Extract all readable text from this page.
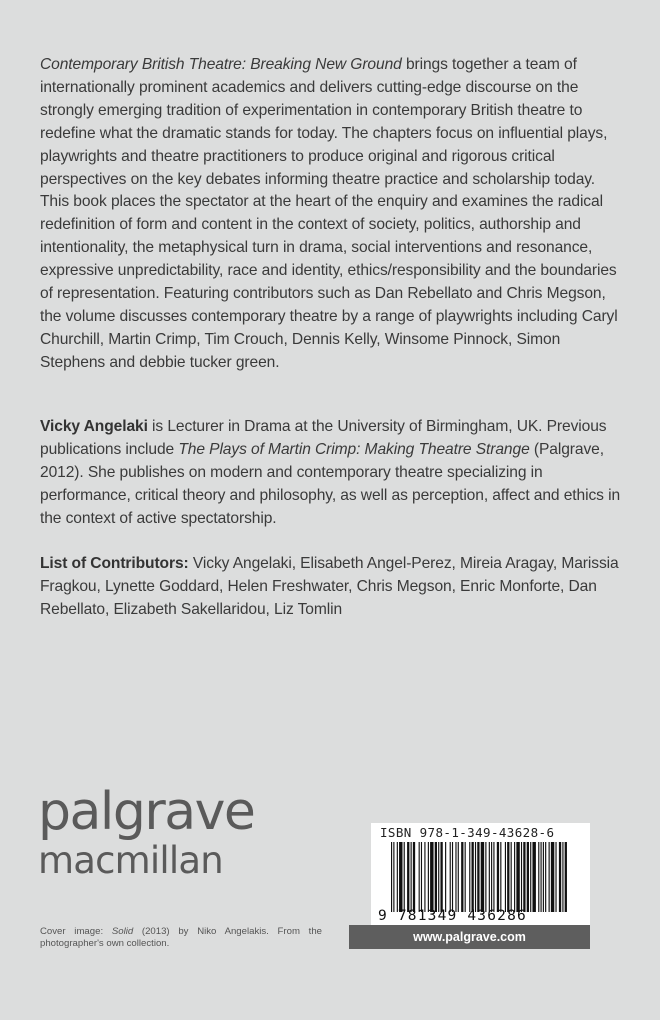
Contemporary British Theatre: Breaking New Ground brings together a team of internationally prominent academics and delivers cutting-edge discourse on the strongly emerging tradition of experimentation in contemporary British theatre to redefine what the dramatic stands for today. The chapters focus on influential plays, playwrights and theatre practitioners to produce original and rigorous critical perspectives on the key debates informing theatre practice and scholarship today. This book places the spectator at the heart of the enquiry and examines the radical redefinition of form and content in the context of society, politics, authorship and intentionality, the metaphysical turn in drama, social interventions and resonance, expressive unpredictability, race and identity, ethics/responsibility and the boundaries of representation. Featuring contributors such as Dan Rebellato and Chris Megson, the volume discusses contemporary theatre by a range of playwrights including Caryl Churchill, Martin Crimp, Tim Crouch, Dennis Kelly, Winsome Pinnock, Simon Stephens and debbie tucker green.
Vicky Angelaki is Lecturer in Drama at the University of Birmingham, UK. Previous publications include The Plays of Martin Crimp: Making Theatre Strange (Palgrave, 2012). She publishes on modern and contemporary theatre specializing in performance, critical theory and philosophy, as well as perception, affect and ethics in the context of active spectatorship.
List of Contributors: Vicky Angelaki, Elisabeth Angel-Perez, Mireia Aragay, Marissia Fragkou, Lynette Goddard, Helen Freshwater, Chris Megson, Enric Monforte, Dan Rebellato, Elizabeth Sakellaridou, Liz Tomlin
palgrave
macmillan
Cover image: Solid (2013) by Niko Angelakis. From the photographer's own collection.
ISBN 978-1-349-43628-6
9 781349 436286
www.palgrave.com
